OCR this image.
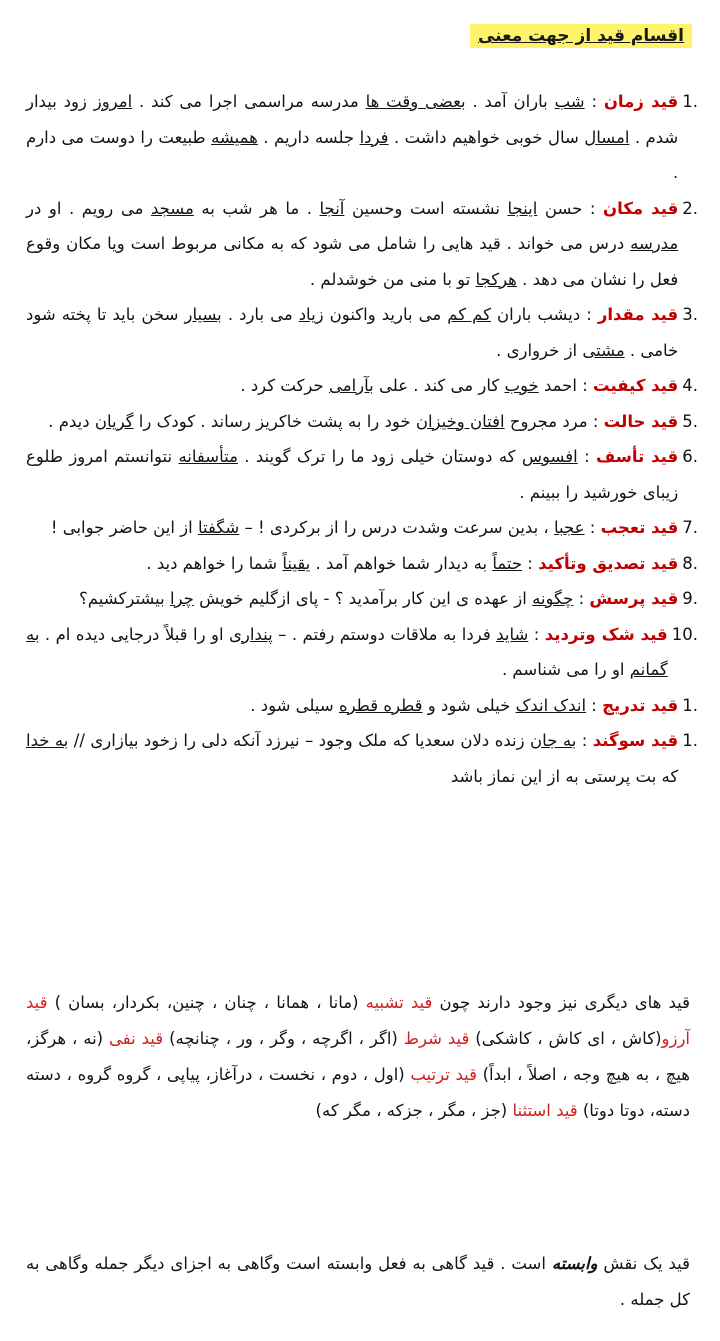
اقسام قید از جهت معنی
.1
قید زمان : شب باران آمد . بعضی وقت ها مدرسه مراسمی اجرا می کند . امروز زود بیدار شدم . امسال سال خوبی خواهیم داشت . فردا جلسه داریم . همیشه طبیعت را دوست می دارم .
.2
قید مکان : حسن اینجا نشسته است وحسین آنجا . ما هر شب به مسجد می رویم . او در مدرسه درس می خواند . قید هایی را شامل می شود که به مکانی مربوط است ویا مکان وقوع فعل را نشان می دهد . هرکجا تو با منی من خوشدلم .
.3
قید مقدار : دیشب باران کم کم می بارید واکنون زیاد می بارد . بسیار سخن باید تا پخته شود خامی . مشتی از خرواری .
.4
قید کیفیت : احمد خوب کار می کند . علی بآرامی حرکت کرد .
.5
قید حالت : مرد مجروح افتان وخیزان خود را به پشت خاکریز رساند . کودک را گریان دیدم .
.6
قید تأسف : افسوس که دوستان خیلی زود ما را ترک گویند . متأسفانه نتوانستم امروز طلوع زیبای خورشید را ببینم .
.7
قید تعجب : عجبا ، بدین سرعت وشدت درس را از برکردی ! – شگفتا از این حاضر جوابی !
.8
قید تصدیق وتأکید : حتماً به دیدار شما خواهم آمد . یقیناً شما را خواهم دید .
.9
قید پرسش : چگونه از عهده ی این کار برآمدید ؟ - پای ازگلیم خویش چرا بیشترکشیم؟
.10
قید شک وتردید : شاید فردا به ملاقات دوستم رفتم . – پنداری او را قبلاً درجایی دیده ام . به گمانم او را می شناسم .
.1
قید تدریج : اندک اندک خیلی شود و قطره قطره سیلی شود .
.1
قید سوگند : به جان زنده دلان سعدیا که ملک وجود – نیرزد آنکه دلی را زخود بیازاری // به خدا که بت پرستی به از این نماز باشد
قید های دیگری نیز وجود دارند چون قید تشبیه (مانا ، همانا ، چنان ، چنین، بکردار، بسان ) قید آرزو(کاش ، ای کاش ، کاشکی) قید شرط (اگر ، اگرچه ، وگر ، ور ، چنانچه) قید نفی (نه ، هرگز، هیچ ، به هیچ وجه ، اصلاً ، ابداً) قید ترتیب (اول ، دوم ، نخست ، درآغاز، پیاپی ، گروه گروه ، دسته دسته، دوتا دوتا) قید استثنا (جز ، مگر ، جزکه ، مگر که)
قید یک نقش وابسته است . قید گاهی به فعل وابسته است وگاهی به اجزای دیگر جمله وگاهی به کل جمله .
